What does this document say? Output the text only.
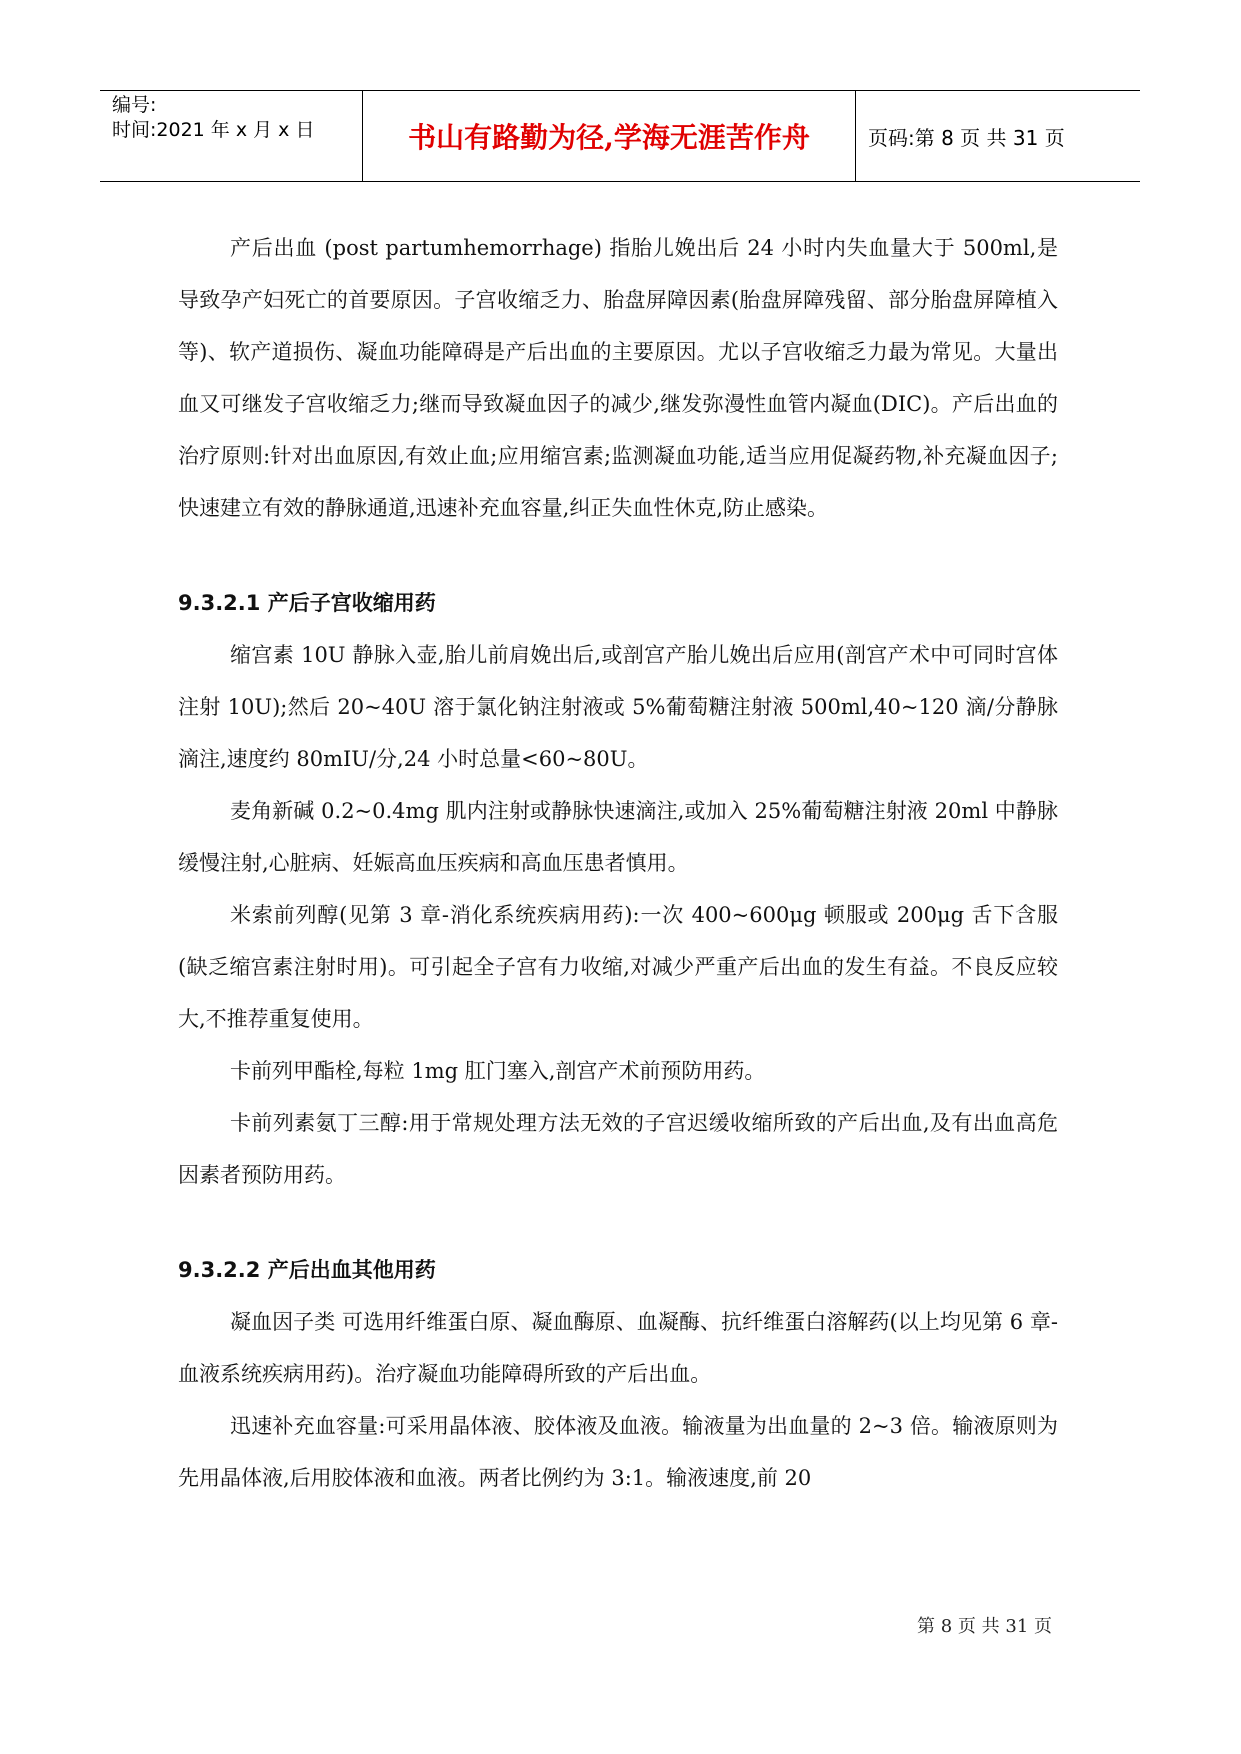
编号:
时间:2021 年 x 月 x 日	书山有路勤为径,学海无涯苦作舟	页码:第 8 页 共 31 页

产后出血 (post partumhemorrhage) 指胎儿娩出后 24 小时内失血量大于 500ml,是导致孕产妇死亡的首要原因。子宫收缩乏力、胎盘屏障因素(胎盘屏障残留、部分胎盘屏障植入等)、软产道损伤、凝血功能障碍是产后出血的主要原因。尤以子宫收缩乏力最为常见。大量出血又可继发子宫收缩乏力;继而导致凝血因子的减少,继发弥漫性血管内凝血(DIC)。产后出血的治疗原则:针对出血原因,有效止血;应用缩宫素;监测凝血功能,适当应用促凝药物,补充凝血因子;快速建立有效的静脉通道,迅速补充血容量,纠正失血性休克,防止感染。

9.3.2.1 产后子宫收缩用药

缩宫素 10U 静脉入壶,胎儿前肩娩出后,或剖宫产胎儿娩出后应用(剖宫产术中可同时宫体注射 10U);然后 20~40U 溶于氯化钠注射液或 5%葡萄糖注射液 500ml,40~120 滴/分静脉滴注,速度约 80mIU/分,24 小时总量<60~80U。

麦角新碱 0.2~0.4mg 肌内注射或静脉快速滴注,或加入 25%葡萄糖注射液 20ml 中静脉缓慢注射,心脏病、妊娠高血压疾病和高血压患者慎用。

米索前列醇(见第 3 章-消化系统疾病用药):一次 400~600μg 顿服或 200μg 舌下含服(缺乏缩宫素注射时用)。可引起全子宫有力收缩,对减少严重产后出血的发生有益。不良反应较大,不推荐重复使用。

卡前列甲酯栓,每粒 1mg 肛门塞入,剖宫产术前预防用药。

卡前列素氨丁三醇:用于常规处理方法无效的子宫迟缓收缩所致的产后出血,及有出血高危因素者预防用药。

9.3.2.2 产后出血其他用药

凝血因子类 可选用纤维蛋白原、凝血酶原、血凝酶、抗纤维蛋白溶解药(以上均见第 6 章-血液系统疾病用药)。治疗凝血功能障碍所致的产后出血。

迅速补充血容量:可采用晶体液、胶体液及血液。输液量为出血量的 2~3 倍。输液原则为先用晶体液,后用胶体液和血液。两者比例约为 3:1。输液速度,前 20

第 8 页 共 31 页
